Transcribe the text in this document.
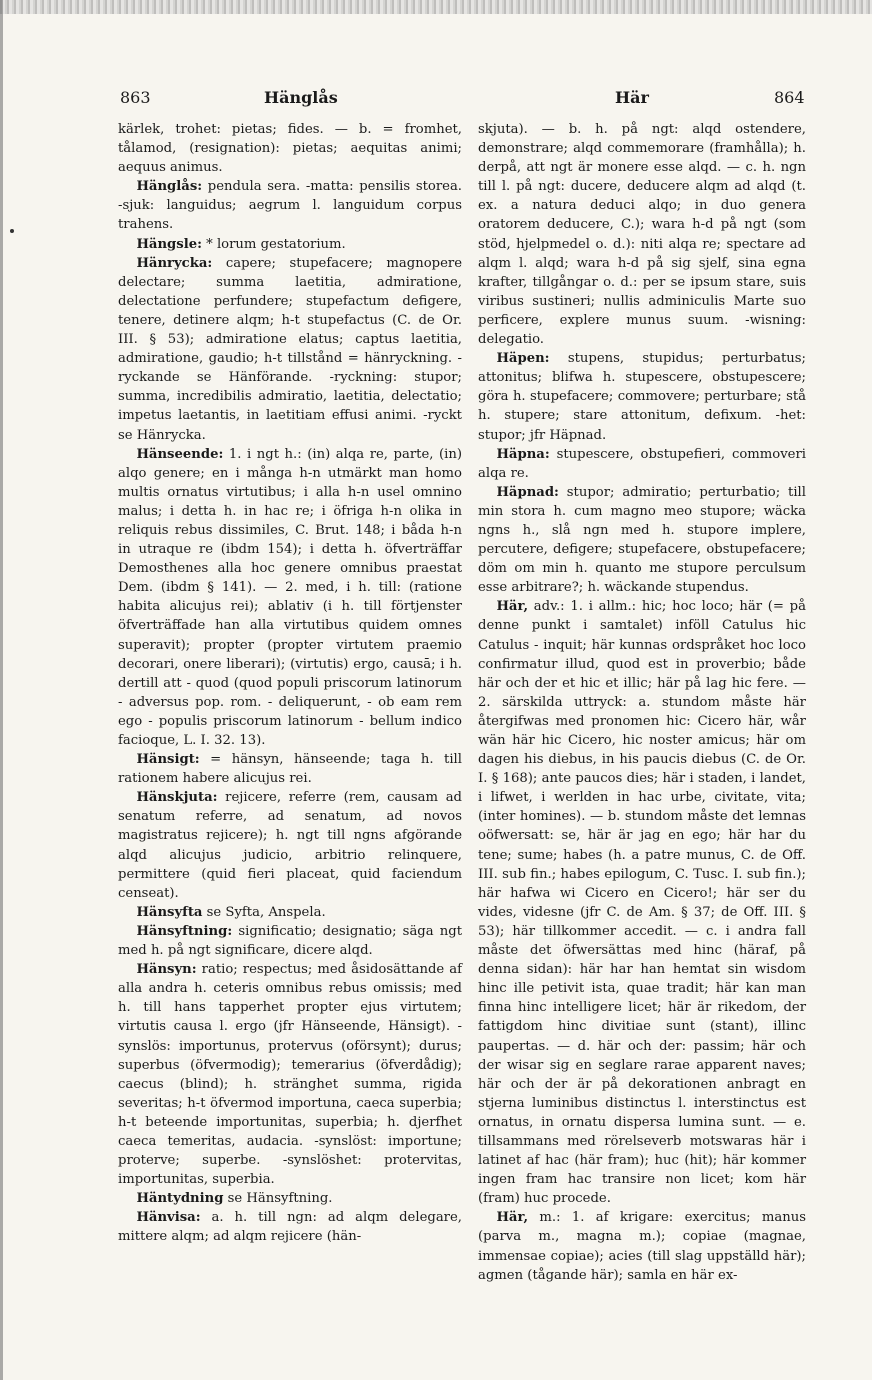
863	Hänglås	Här	864

kärlek, trohet: pietas; fides. — b. = fromhet, tålamod, (resignation): pietas; aequitas animi; aequus animus.

Hänglås: pendula sera. -matta: pensilis storea. -sjuk: languidus; aegrum l. languidum corpus trahens.

Hängsle: * lorum gestatorium.

Hänrycka: capere; stupefacere; magnopere delectare; summa laetitia, admiratione, delectatione perfundere; stupefactum defigere, tenere, detinere alqm; h-t stupefactus (C. de Or. III. § 53); admiratione elatus; captus laetitia, admiratione, gaudio; h-t tillstånd = hänryckning. -ryckande se Hänförande. -ryckning: stupor; summa, incredibilis admiratio, laetitia, delectatio; impetus laetantis, in laetitiam effusi animi. -ryckt se Hänrycka.

Hänseende: 1. i ngt h.: (in) alqa re, parte, (in) alqo genere; en i många h-n utmärkt man homo multis ornatus virtutibus; i alla h-n usel omnino malus; i detta h. in hac re; i öfriga h-n olika in reliquis rebus dissimiles, C. Brut. 148; i båda h-n in utraque re (ibdm 154); i detta h. öfverträffar Demosthenes alla hoc genere omnibus praestat Dem. (ibdm § 141). — 2. med, i h. till: (ratione habita alicujus rei); ablativ (i h. till förtjenster öfverträffade han alla virtutibus quidem omnes superavit); propter (propter virtutem praemio decorari, onere liberari); (virtutis) ergo, causā; i h. dertill att - quod (quod populi priscorum latinorum - adversus pop. rom. - deliquerunt, - ob eam rem ego - populis priscorum latinorum - bellum indico facioque, L. I. 32. 13).

Hänsigt: = hänsyn, hänseende; taga h. till rationem habere alicujus rei.

Hänskjuta: rejicere, referre (rem, causam ad senatum referre, ad senatum, ad novos magistratus rejicere); h. ngt till ngns afgörande alqd alicujus judicio, arbitrio relinquere, permittere (quid fieri placeat, quid faciendum censeat).

Hänsyfta se Syfta, Anspela.

Hänsyftning: significatio; designatio; säga ngt med h. på ngt significare, dicere alqd.

Hänsyn: ratio; respectus; med åsidosättande af alla andra h. ceteris omnibus rebus omissis; med h. till hans tapperhet propter ejus virtutem; virtutis causa l. ergo (jfr Hänseende, Hänsigt). -synslös: importunus, protervus (oförsynt); durus; superbus (öfvermodig); temerarius (öfverdådig); caecus (blind); h. stränghet summa, rigida severitas; h-t öfvermod importuna, caeca superbia; h-t beteende importunitas, superbia; h. djerfhet caeca temeritas, audacia. -synslöst: importune; proterve; superbe. -synslöshet: protervitas, importunitas, superbia.

Häntydning se Hänsyftning.

Hänvisa: a. h. till ngn: ad alqm delegare, mittere alqm; ad alqm rejicere (hän-

skjuta). — b. h. på ngt: alqd ostendere, demonstrare; alqd commemorare (framhålla); h. derpå, att ngt är monere esse alqd. — c. h. ngn till l. på ngt: ducere, deducere alqm ad alqd (t. ex. a natura deduci alqo; in duo genera oratorem deducere, C.); wara h-d på ngt (som stöd, hjelpmedel o. d.): niti alqa re; spectare ad alqm l. alqd; wara h-d på sig sjelf, sina egna krafter, tillgångar o. d.: per se ipsum stare, suis viribus sustineri; nullis adminiculis Marte suo perficere, explere munus suum. -wisning: delegatio.

Häpen: stupens, stupidus; perturbatus; attonitus; blifwa h. stupescere, obstupescere; göra h. stupefacere; commovere; perturbare; stå h. stupere; stare attonitum, defixum. -het: stupor; jfr Häpnad.

Häpna: stupescere, obstupefieri, commoveri alqa re.

Häpnad: stupor; admiratio; perturbatio; till min stora h. cum magno meo stupore; wäcka ngns h., slå ngn med h. stupore implere, percutere, defigere; stupefacere, obstupefacere; döm om min h. quanto me stupore perculsum esse arbitrare?; h. wäckande stupendus.

Här, adv.: 1. i allm.: hic; hoc loco; här (= på denne punkt i samtalet) inföll Catulus hic Catulus - inquit; här kunnas ordspråket hoc loco confirmatur illud, quod est in proverbio; både här och der et hic et illic; här på lag hic fere. — 2. särskilda uttryck: a. stundom måste här återgifwas med pronomen hic: Cicero här, wår wän här hic Cicero, hic noster amicus; här om dagen his diebus, in his paucis diebus (C. de Or. I. § 168); ante paucos dies; här i staden, i landet, i lifwet, i werlden in hac urbe, civitate, vita; (inter homines). — b. stundom måste det lemnas oöfwersatt: se, här är jag en ego; här har du tene; sume; habes (h. a patre munus, C. de Off. III. sub fin.; habes epilogum, C. Tusc. I. sub fin.); här hafwa wi Cicero en Cicero!; här ser du vides, videsne (jfr C. de Am. § 37; de Off. III. § 53); här tillkommer accedit. — c. i andra fall måste det öfwersättas med hinc (häraf, på denna sidan): här har han hemtat sin wisdom hinc ille petivit ista, quae tradit; här kan man finna hinc intelligere licet; här är rikedom, der fattigdom hinc divitiae sunt (stant), illinc paupertas. — d. här och der: passim; här och der wisar sig en seglare rarae apparent naves; här och der är på dekorationen anbragt en stjerna luminibus distinctus l. interstinctus est ornatus, in ornatu dispersa lumina sunt. — e. tillsammans med rörelseverb motswaras här i latinet af hac (här fram); huc (hit); här kommer ingen fram hac transire non licet; kom här (fram) huc procede.

Här, m.: 1. af krigare: exercitus; manus (parva m., magna m.); copiae (magnae, immensae copiae); acies (till slag uppställd här); agmen (tågande här); samla en här ex-
